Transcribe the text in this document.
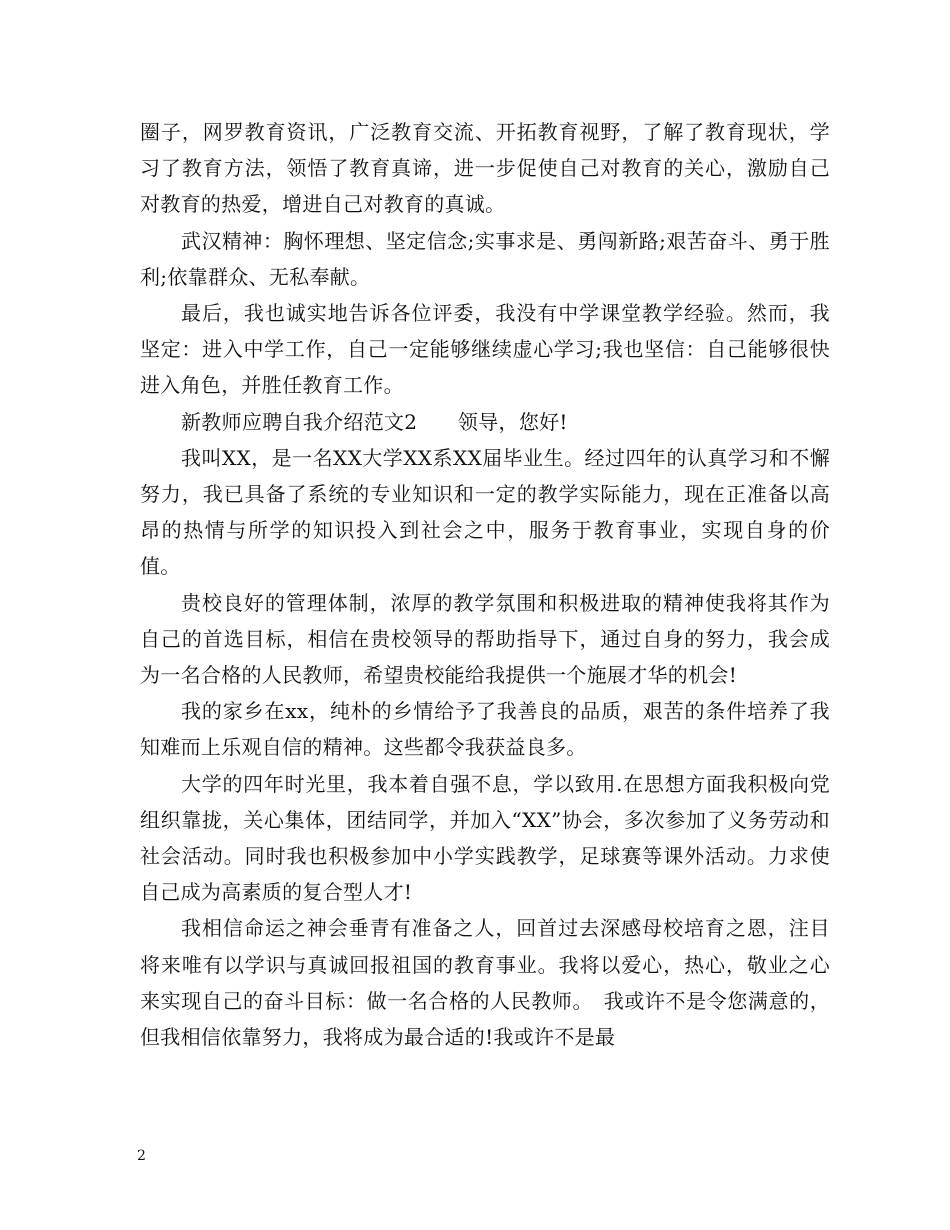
圈子，网罗教育资讯，广泛教育交流、开拓教育视野，了解了教育现状，学习了教育方法，领悟了教育真谛，进一步促使自己对教育的关心，激励自己对教育的热爱，增进自己对教育的真诚。

武汉精神：胸怀理想、坚定信念;实事求是、勇闯新路;艰苦奋斗、勇于胜利;依靠群众、无私奉献。

最后，我也诚实地告诉各位评委，我没有中学课堂教学经验。然而，我坚定：进入中学工作，自己一定能够继续虚心学习;我也坚信：自己能够很快进入角色，并胜任教育工作。

新教师应聘自我介绍范文2　　领导，您好!

我叫XX，是一名XX大学XX系XX届毕业生。经过四年的认真学习和不懈努力，我已具备了系统的专业知识和一定的教学实际能力，现在正准备以高昂的热情与所学的知识投入到社会之中，服务于教育事业，实现自身的价值。

贵校良好的管理体制，浓厚的教学氛围和积极进取的精神使我将其作为自己的首选目标，相信在贵校领导的帮助指导下，通过自身的努力，我会成为一名合格的人民教师，希望贵校能给我提供一个施展才华的机会!

我的家乡在xx，纯朴的乡情给予了我善良的品质，艰苦的条件培养了我知难而上乐观自信的精神。这些都令我获益良多。

大学的四年时光里，我本着自强不息，学以致用.在思想方面我积极向党组织靠拢，关心集体，团结同学，并加入“XX”协会，多次参加了义务劳动和社会活动。同时我也积极参加中小学实践教学，足球赛等课外活动。力求使自己成为高素质的复合型人才!

我相信命运之神会垂青有准备之人，回首过去深感母校培育之恩，注目将来唯有以学识与真诚回报祖国的教育事业。我将以爱心，热心，敬业之心来实现自己的奋斗目标：做一名合格的人民教师。　我或许不是令您满意的，但我相信依靠努力，我将成为最合适的!我或许不是最

2
